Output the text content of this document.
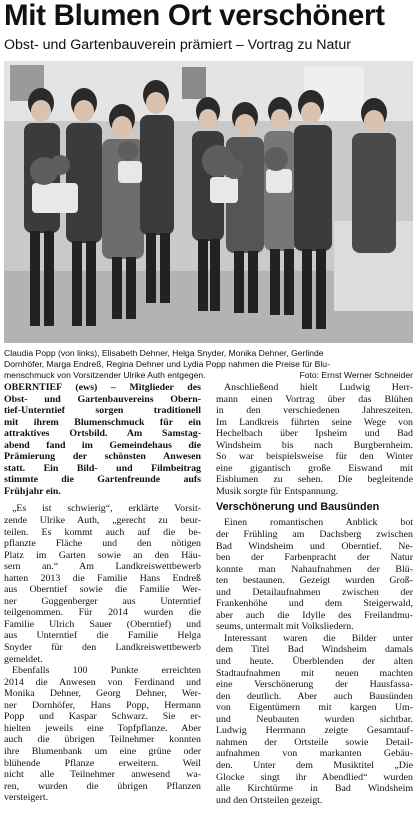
Mit Blumen Ort verschönert
Obst- und Gartenbauverein prämiert – Vortrag zu Natur
Claudia Popp (von links), Elisabeth Dehner, Helga Snyder, Monika Dehner, Gerlinde
Dornhöfer, Marga Endreß, Regina Dehner und Lydia Popp nahmen die Preise für Blu-
menschmuck von Vorsitzender Ulrike Auth entgegen.	Foto: Ernst Werner Schneider

OBERNTIEF (ews) – Mitglieder des

Obst- und Gartenbauvereins Obern-

tief-Unterntief sorgen traditionell

mit ihrem Blumenschmuck für ein

attraktives Ortsbild. Am Samstag-

abend fand im Gemeindehaus die

Prämierung der schönsten Anwesen

statt. Ein Bild- und Filmbeitrag

stimmte die Gartenfreunde aufs

Frühjahr ein.

„Es ist schwierig“, erklärte Vorsit-

zende Ulrike Auth, „gerecht zu beur-

teilen. Es kommt auch auf die be-

pflanzte Fläche und den nötigen

Platz im Garten sowie an den Häu-

sern an.“ Am Landkreiswettbewerb

hatten 2013 die Familie Hans Endreß

aus Oberntief sowie die Familie Wer-

ner Guggenberger aus Unterntief

teilgenommen. Für 2014 wurden die

Familie Ulrich Sauer (Oberntief) und

aus Unterntief die Familie Helga

Snyder für den Landkreiswettbewerb

gemeldet.

Ebenfalls 100 Punkte erreichten

2014 die Anwesen von Ferdinand und

Monika Dehner, Georg Dehner, Wer-

ner Dornhöfer, Hans Popp, Hermann

Popp und Kaspar Schwarz. Sie er-

hielten jeweils eine Topfpflanze. Aber

auch die übrigen Teilnehmer konnten

ihre Blumenbank um eine grüne oder

blühende Pflanze erweitern. Weil

nicht alle Teilnehmer anwesend wa-

ren, wurden die übrigen Pflanzen

versteigert.

Anschließend hielt Ludwig Herr-

mann einen Vortrag über das Blühen

in den verschiedenen Jahreszeiten.

Im Landkreis führten seine Wege von

Hechelbach über Ipsheim und Bad

Windsheim bis nach Burgbernheim.

So war beispielsweise für den Winter

eine gigantisch große Eiswand mit

Eisblumen zu sehen. Die begleitende

Musik sorgte für Entspannung.

Verschönerung und Bausünden

Einen romantischen Anblick bot

der Frühling am Dachsberg zwischen

Bad Windsheim und Oberntief. Ne-

ben der Farbenpracht der Natur

konnte man Nahaufnahmen der Blü-

ten bestaunen. Gezeigt wurden Groß-

und Detailaufnahmen zwischen der

Frankenhöhe und dem Steigerwald,

aber auch die Idylle des Freilandmu-

seums, untermalt mit Volksliedern.

Interessant waren die Bilder unter

dem Titel Bad Windsheim damals

und heute. Überblenden der alten

Stadtaufnahmen mit neuen machten

eine Verschönerung der Hausfassa-

den deutlich. Aber auch Bausünden

von Eigentümern mit kargen Um-

und Neubauten wurden sichtbar.

Ludwig Herrmann zeigte Gesamtauf-

nahmen der Ortsteile sowie Detail-

aufnahmen von markanten Gebäu-

den. Unter dem Musiktitel „Die

Glocke singt ihr Abendlied“ wurden

alle Kirchtürme in Bad Windsheim

und den Ortsteilen gezeigt.
